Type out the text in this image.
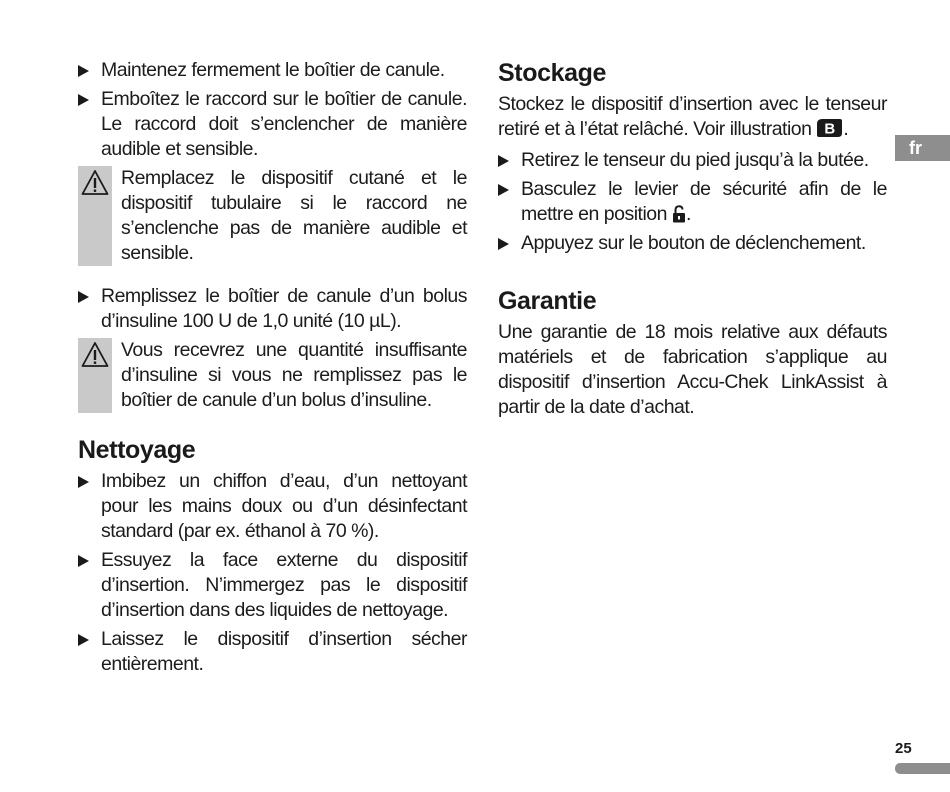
Maintenez fermement le boîtier de canule.
Emboîtez le raccord sur le boîtier de canule. Le raccord doit s’enclencher de manière audible et sensible.
Remplacez le dispositif cutané et le dispositif tubulaire si le raccord ne s’enclenche pas de manière audible et sensible.
Remplissez le boîtier de canule d’un bolus d’insuline 100 U de 1,0 unité (10 µL).
Vous recevrez une quantité insuffisante d’insuline si vous ne remplissez pas le boîtier de canule d’un bolus d’insuline.
Nettoyage
Imbibez un chiffon d’eau, d’un nettoyant pour les mains doux ou d’un désinfectant standard (par ex. éthanol à 70 %).
Essuyez la face externe du dispositif d’insertion. N’immergez pas le dispositif d’insertion dans des liquides de nettoyage.
Laissez le dispositif d’insertion sécher entièrement.
Stockage
Stockez le dispositif d’insertion avec le tenseur retiré et à l’état relâché. Voir illustration B .
Retirez le tenseur du pied jusqu’à la butée.
Basculez le levier de sécurité afin de le mettre en position .
Appuyez sur le bouton de déclenchement.
Garantie
Une garantie de 18 mois relative aux défauts matériels et de fabrication s’applique au dispositif d’insertion Accu-Chek LinkAssist à partir de la date d’achat.
fr
25
